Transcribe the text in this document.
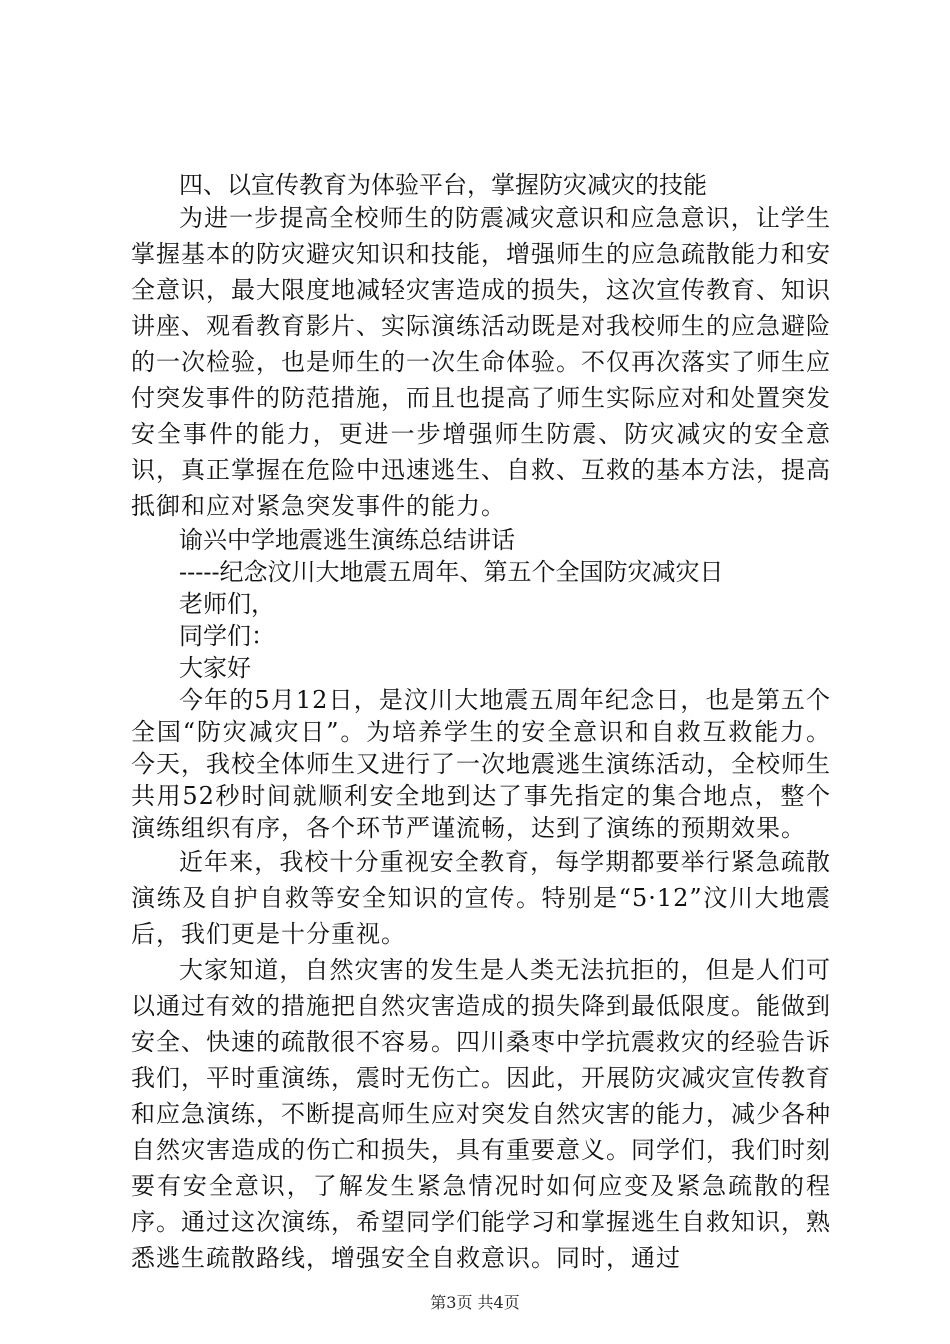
四、以宣传教育为体验平台，掌握防灾减灾的技能

为进一步提高全校师生的防震减灾意识和应急意识，让学生掌握基本的防灾避灾知识和技能，增强师生的应急疏散能力和安全意识，最大限度地减轻灾害造成的损失，这次宣传教育、知识讲座、观看教育影片、实际演练活动既是对我校师生的应急避险的一次检验，也是师生的一次生命体验。不仅再次落实了师生应付突发事件的防范措施，而且也提高了师生实际应对和处置突发安全事件的能力，更进一步增强师生防震、防灾减灾的安全意识，真正掌握在危险中迅速逃生、自救、互救的基本方法，提高抵御和应对紧急突发事件的能力。

谕兴中学地震逃生演练总结讲话

-----纪念汶川大地震五周年、第五个全国防灾减灾日

老师们，

同学们：

大家好

今年的5月12日，是汶川大地震五周年纪念日，也是第五个全国“防灾减灾日”。为培养学生的安全意识和自救互救能力。今天，我校全体师生又进行了一次地震逃生演练活动，全校师生共用52秒时间就顺利安全地到达了事先指定的集合地点，整个演练组织有序，各个环节严谨流畅，达到了演练的预期效果。

近年来，我校十分重视安全教育，每学期都要举行紧急疏散演练及自护自救等安全知识的宣传。特别是“5·12”汶川大地震后，我们更是十分重视。

大家知道，自然灾害的发生是人类无法抗拒的，但是人们可以通过有效的措施把自然灾害造成的损失降到最低限度。能做到安全、快速的疏散很不容易。四川桑枣中学抗震救灾的经验告诉我们，平时重演练，震时无伤亡。因此，开展防灾减灾宣传教育和应急演练，不断提高师生应对突发自然灾害的能力，减少各种自然灾害造成的伤亡和损失，具有重要意义。同学们，我们时刻要有安全意识，了解发生紧急情况时如何应变及紧急疏散的程序。通过这次演练，希望同学们能学习和掌握逃生自救知识，熟悉逃生疏散路线，增强安全自救意识。同时，通过

第3页 共4页
